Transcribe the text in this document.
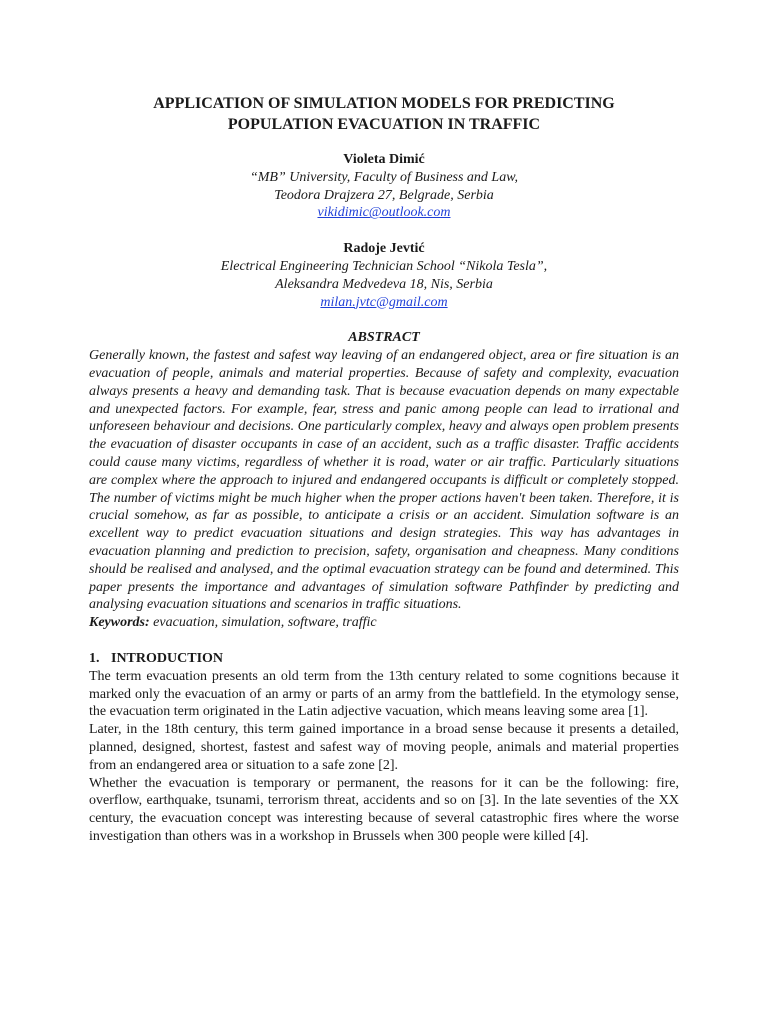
APPLICATION OF SIMULATION MODELS FOR PREDICTING
POPULATION EVACUATION IN TRAFFIC

Violeta Dimić
“MB” University, Faculty of Business and Law,
Teodora Drajzera 27, Belgrade, Serbia
vikidimic@outlook.com
Radoje Jevtić
Electrical Engineering Technician School “Nikola Tesla”,
Aleksandra Medvedeva 18, Nis, Serbia
milan.jvtc@gmail.com
ABSTRACT

Generally known, the fastest and safest way leaving of an endangered object, area or fire situation is an evacuation of people, animals and material properties. Because of safety and complexity, evacuation always presents a heavy and demanding task. That is because evacuation depends on many expectable and unexpected factors. For example, fear, stress and panic among people can lead to irrational and unforeseen behaviour and decisions. One particularly complex, heavy and always open problem presents the evacuation of disaster occupants in case of an accident, such as a traffic disaster. Traffic accidents could cause many victims, regardless of whether it is road, water or air traffic. Particularly situations are complex where the approach to injured and endangered occupants is difficult or completely stopped. The number of victims might be much higher when the proper actions haven't been taken. Therefore, it is crucial somehow, as far as possible, to anticipate a crisis or an accident. Simulation software is an excellent way to predict evacuation situations and design strategies. This way has advantages in evacuation planning and prediction to precision, safety, organisation and cheapness. Many conditions should be realised and analysed, and the optimal evacuation strategy can be found and determined. This paper presents the importance and advantages of simulation software Pathfinder by predicting and analysing evacuation situations and scenarios in traffic situations.

Keywords: evacuation, simulation, software, traffic

1. INTRODUCTION

The term evacuation presents an old term from the 13th century related to some cognitions because it marked only the evacuation of an army or parts of an army from the battlefield. In the etymology sense, the evacuation term originated in the Latin adjective vacuation, which means leaving some area [1].

Later, in the 18th century, this term gained importance in a broad sense because it presents a detailed, planned, designed, shortest, fastest and safest way of moving people, animals and material properties from an endangered area or situation to a safe zone [2].

Whether the evacuation is temporary or permanent, the reasons for it can be the following: fire, overflow, earthquake, tsunami, terrorism threat, accidents and so on [3]. In the late seventies of the XX century, the evacuation concept was interesting because of several catastrophic fires where the worse investigation than others was in a workshop in Brussels when 300 people were killed [4].
